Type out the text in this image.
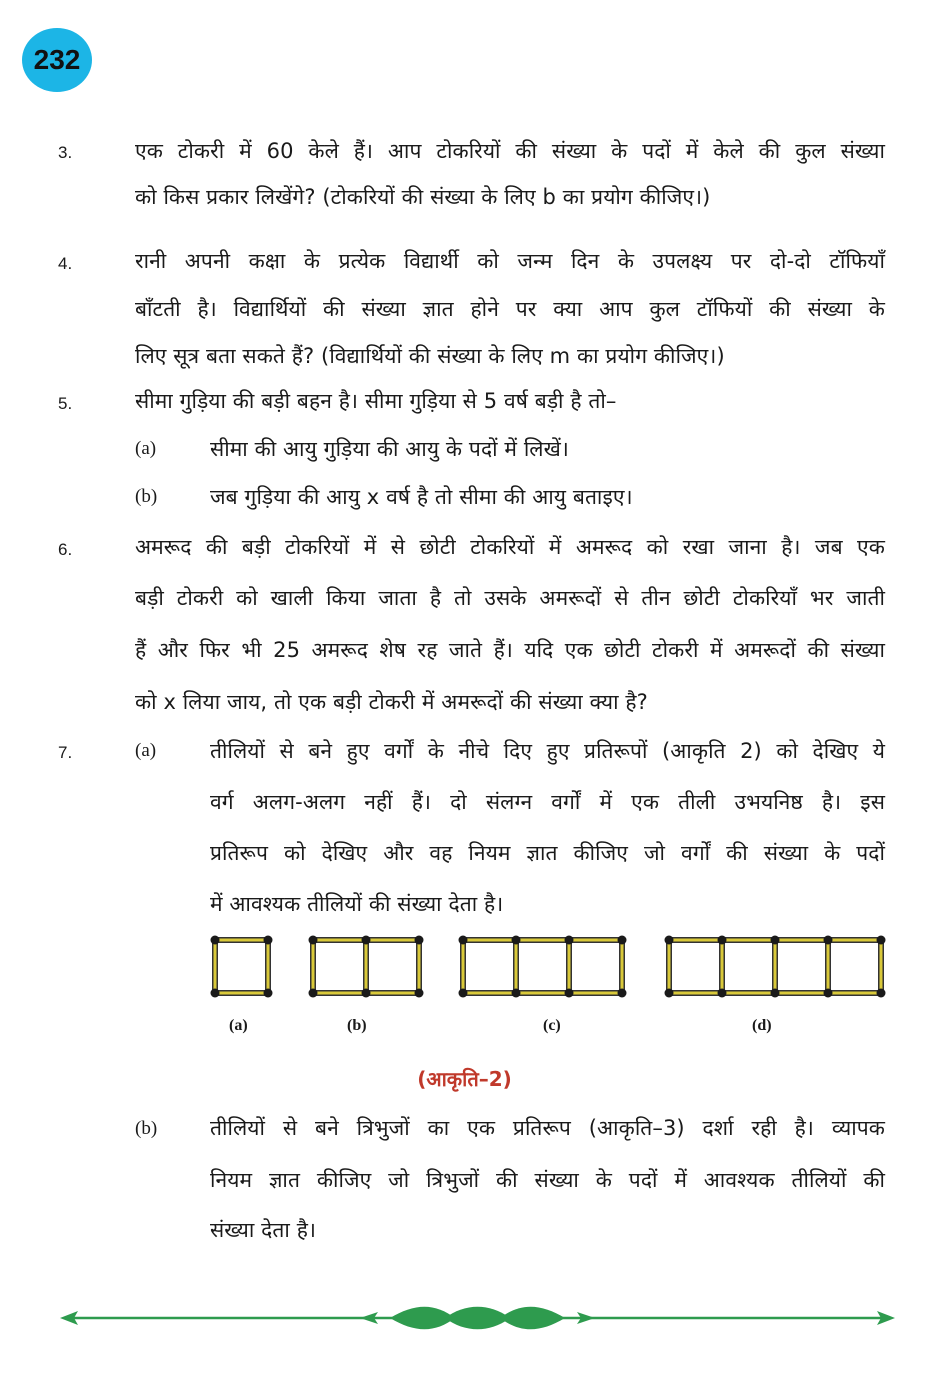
232
3.	एक टोकरी में 60 केले हैं। आप टोकरियों की संख्या के पदों में केले की कुल संख्या
को किस प्रकार लिखेंगे? (टोकरियों की संख्या के लिए b का प्रयोग कीजिए।)
4.	रानी अपनी कक्षा के प्रत्येक विद्यार्थी को जन्म दिन के उपलक्ष्य पर दो-दो टॉफियाँ
बाँटती है। विद्यार्थियों की संख्या ज्ञात होने पर क्या आप कुल टॉफियों की संख्या के
लिए सूत्र बता सकते हैं? (विद्यार्थियों की संख्या के लिए m का प्रयोग कीजिए।)
5.	सीमा गुड़िया की बड़ी बहन है। सीमा गुड़िया से 5 वर्ष बड़ी है तो–
(a)	सीमा की आयु गुड़िया की आयु के पदों में लिखें।
(b)	जब गुड़िया की आयु x वर्ष है तो सीमा की आयु बताइए।
6.	अमरूद की बड़ी टोकरियों में से छोटी टोकरियों में अमरूद को रखा जाना है। जब एक
बड़ी टोकरी को खाली किया जाता है तो उसके अमरूदों से तीन छोटी टोकरियाँ भर जाती
हैं और फिर भी 25 अमरूद शेष रह जाते हैं। यदि एक छोटी टोकरी में अमरूदों की संख्या
को x लिया जाय, तो एक बड़ी टोकरी में अमरूदों की संख्या क्या है?
7.	(a)	तीलियों से बने हुए वर्गों के नीचे दिए हुए प्रतिरूपों (आकृति 2) को देखिए ये
वर्ग अलग-अलग नहीं हैं। दो संलग्न वर्गों में एक तीली उभयनिष्ठ है। इस
प्रतिरूप को देखिए और वह नियम ज्ञात कीजिए जो वर्गों की संख्या के पदों
में आवश्यक तीलियों की संख्या देता है।
(a)	(b)	(c)	(d)
(आकृति–2)
(b)	तीलियों से बने त्रिभुजों का एक प्रतिरूप (आकृति–3) दर्शा रही है। व्यापक
नियम ज्ञात कीजिए जो त्रिभुजों की संख्या के पदों में आवश्यक तीलियों की
संख्या देता है।
